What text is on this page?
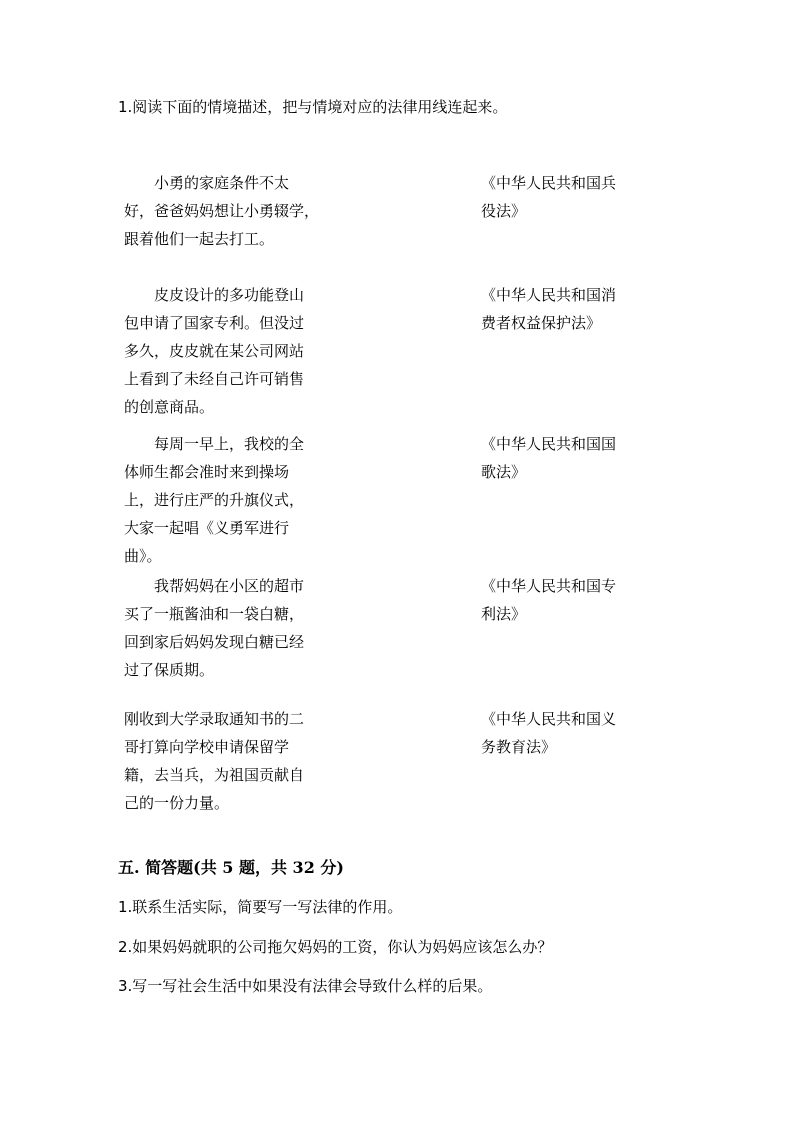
1.阅读下面的情境描述，把与情境对应的法律用线连起来。
　　小勇的家庭条件不太
好，爸爸妈妈想让小勇辍学，
跟着他们一起去打工。
　　皮皮设计的多功能登山
包申请了国家专利。但没过
多久，皮皮就在某公司网站
上看到了未经自己许可销售
的创意商品。
　　每周一早上，我校的全
体师生都会准时来到操场
上，进行庄严的升旗仪式，
大家一起唱《义勇军进行
曲》。
　　我帮妈妈在小区的超市
买了一瓶酱油和一袋白糖，
回到家后妈妈发现白糖已经
过了保质期。
刚收到大学录取通知书的二
哥打算向学校申请保留学
籍，去当兵，为祖国贡献自
己的一份力量。
《中华人民共和国兵
役法》
《中华人民共和国消
费者权益保护法》
《中华人民共和国国
歌法》
《中华人民共和国专
利法》
《中华人民共和国义
务教育法》
五. 简答题(共 5 题，共 32 分)
1.联系生活实际，简要写一写法律的作用。
2.如果妈妈就职的公司拖欠妈妈的工资，你认为妈妈应该怎么办？
3.写一写社会生活中如果没有法律会导致什么样的后果。
